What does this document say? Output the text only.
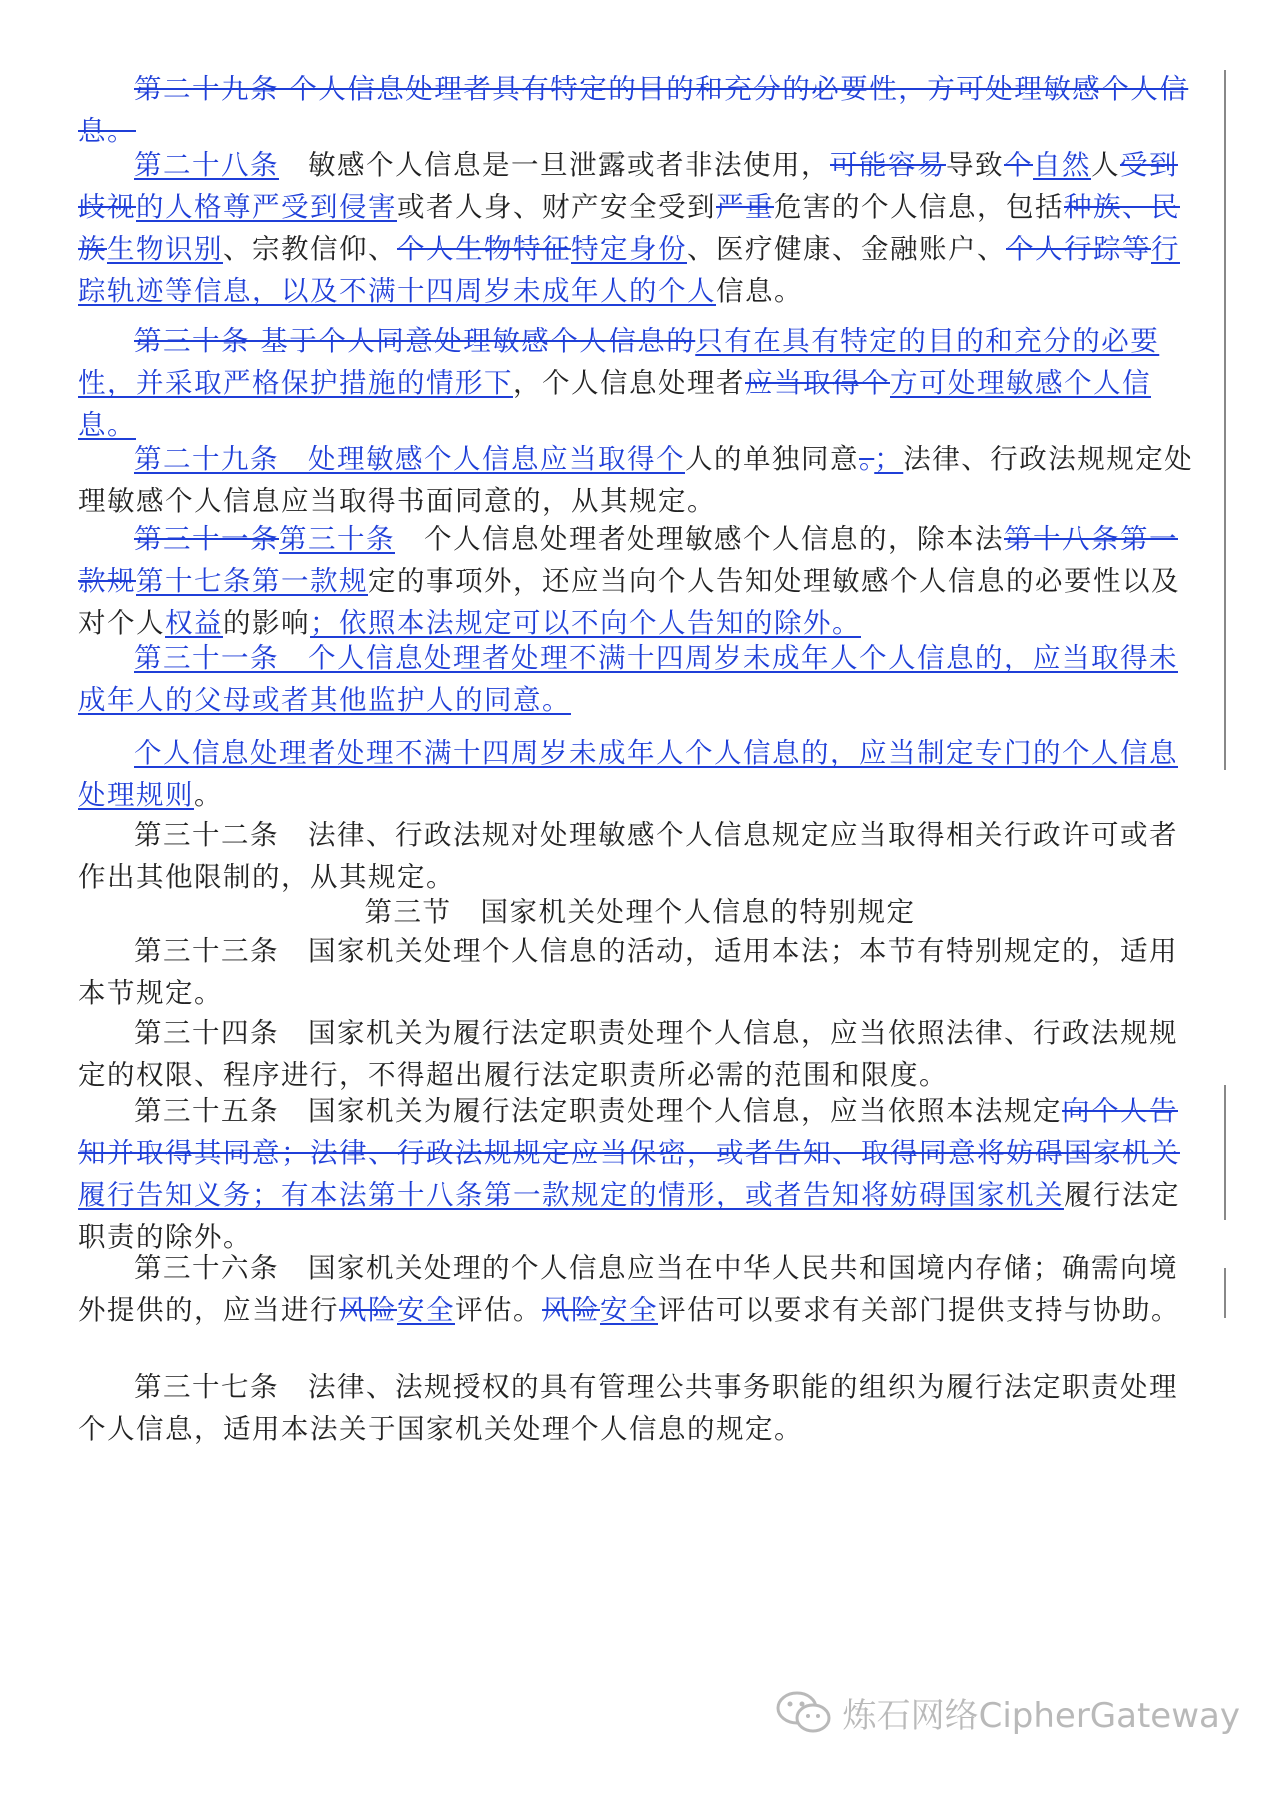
第二十九条 个人信息处理者具有特定的目的和充分的必要性，方可处理敏感个人信息。

第二十八条　敏感个人信息是一旦泄露或者非法使用，可能容易导致个自然人受到歧视的人格尊严受到侵害或者人身、财产安全受到严重危害的个人信息，包括种族、民族生物识别、宗教信仰、个人生物特征特定身份、医疗健康、金融账户、个人行踪等行踪轨迹等信息，以及不满十四周岁未成年人的个人信息。

第三十条 基于个人同意处理敏感个人信息的只有在具有特定的目的和充分的必要性，并采取严格保护措施的情形下，个人信息处理者应当取得个方可处理敏感个人信息。

第二十九条　处理敏感个人信息应当取得个人的单独同意。；法律、行政法规规定处理敏感个人信息应当取得书面同意的，从其规定。

第三十一条第三十条　个人信息处理者处理敏感个人信息的，除本法第十八条第一款规第十七条第一款规定的事项外，还应当向个人告知处理敏感个人信息的必要性以及对个人权益的影响；依照本法规定可以不向个人告知的除外。

第三十一条　个人信息处理者处理不满十四周岁未成年人个人信息的，应当取得未成年人的父母或者其他监护人的同意。

个人信息处理者处理不满十四周岁未成年人个人信息的，应当制定专门的个人信息处理规则。

第三十二条　法律、行政法规对处理敏感个人信息规定应当取得相关行政许可或者作出其他限制的，从其规定。

第三节　国家机关处理个人信息的特别规定

第三十三条　国家机关处理个人信息的活动，适用本法；本节有特别规定的，适用本节规定。

第三十四条　国家机关为履行法定职责处理个人信息，应当依照法律、行政法规规定的权限、程序进行，不得超出履行法定职责所必需的范围和限度。

第三十五条　国家机关为履行法定职责处理个人信息，应当依照本法规定向个人告知并取得其同意；法律、行政法规规定应当保密，或者告知、取得同意将妨碍国家机关履行告知义务；有本法第十八条第一款规定的情形，或者告知将妨碍国家机关履行法定职责的除外。

第三十六条　国家机关处理的个人信息应当在中华人民共和国境内存储；确需向境外提供的，应当进行风险安全评估。风险安全评估可以要求有关部门提供支持与协助。

第三十七条　法律、法规授权的具有管理公共事务职能的组织为履行法定职责处理个人信息，适用本法关于国家机关处理个人信息的规定。

炼石网络CipherGateway
